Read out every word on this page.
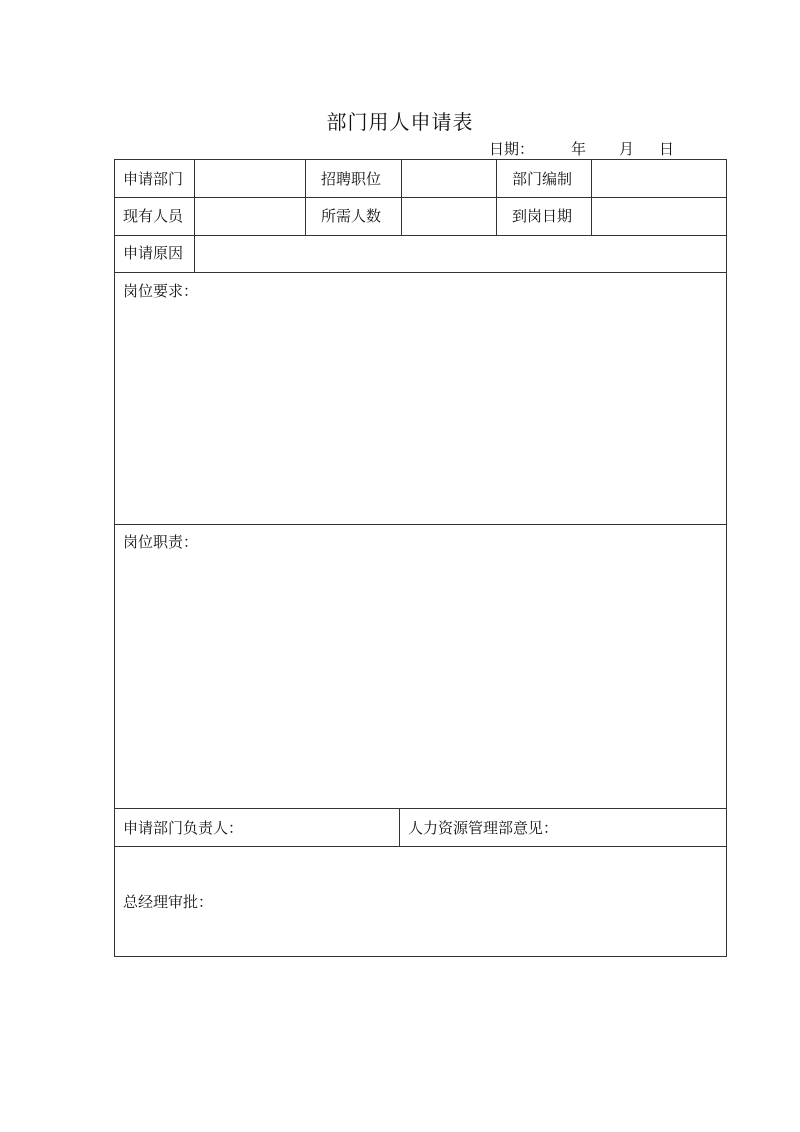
部门用人申请表
日期： 年 月 日
申请部门	招聘职位	部门编制
现有人员	所需人数	到岗日期
申请原因
岗位要求：
岗位职责：
申请部门负责人：	人力资源管理部意见：
总经理审批：
